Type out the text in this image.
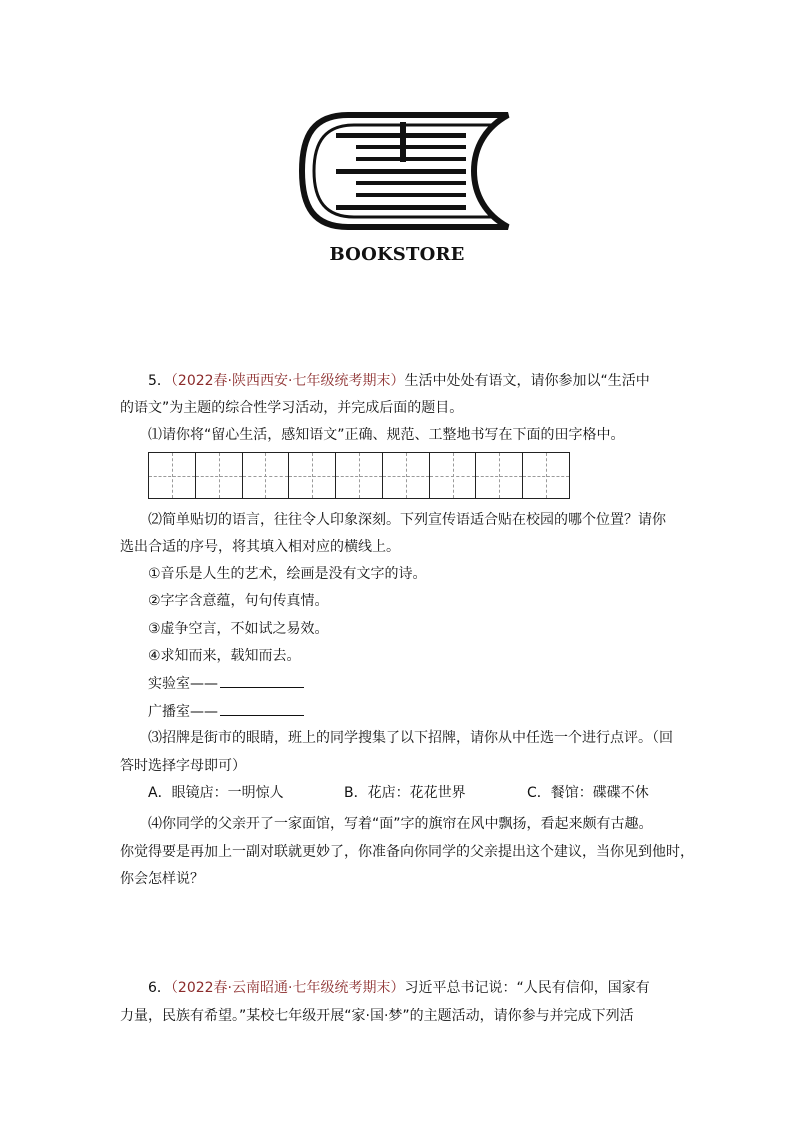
BOOKSTORE
5．（2022春·陕西西安·七年级统考期末）生活中处处有语文，请你参加以“生活中
的语文”为主题的综合性学习活动，并完成后面的题目。
⑴请你将“留心生活，感知语文”正确、规范、工整地书写在下面的田字格中。
⑵简单贴切的语言，往往令人印象深刻。下列宣传语适合贴在校园的哪个位置？请你
选出合适的序号，将其填入相对应的横线上。
①音乐是人生的艺术，绘画是没有文字的诗。
②字字含意蕴，句句传真情。
③虚争空言，不如试之易效。
④求知而来，载知而去。
实验室——
广播室——
⑶招牌是街市的眼睛，班上的同学搜集了以下招牌，请你从中任选一个进行点评。（回
答时选择字母即可）
A．眼镜店：一明惊人	B．花店：花花世界	C．餐馆：碟碟不休
⑷你同学的父亲开了一家面馆，写着“面”字的旗帘在风中飘扬，看起来颇有古趣。
你觉得要是再加上一副对联就更妙了，你准备向你同学的父亲提出这个建议，当你见到他时，
你会怎样说？
6．（2022春·云南昭通·七年级统考期末）习近平总书记说：“人民有信仰，国家有
力量，民族有希望。”某校七年级开展“家·国·梦”的主题活动，请你参与并完成下列活
